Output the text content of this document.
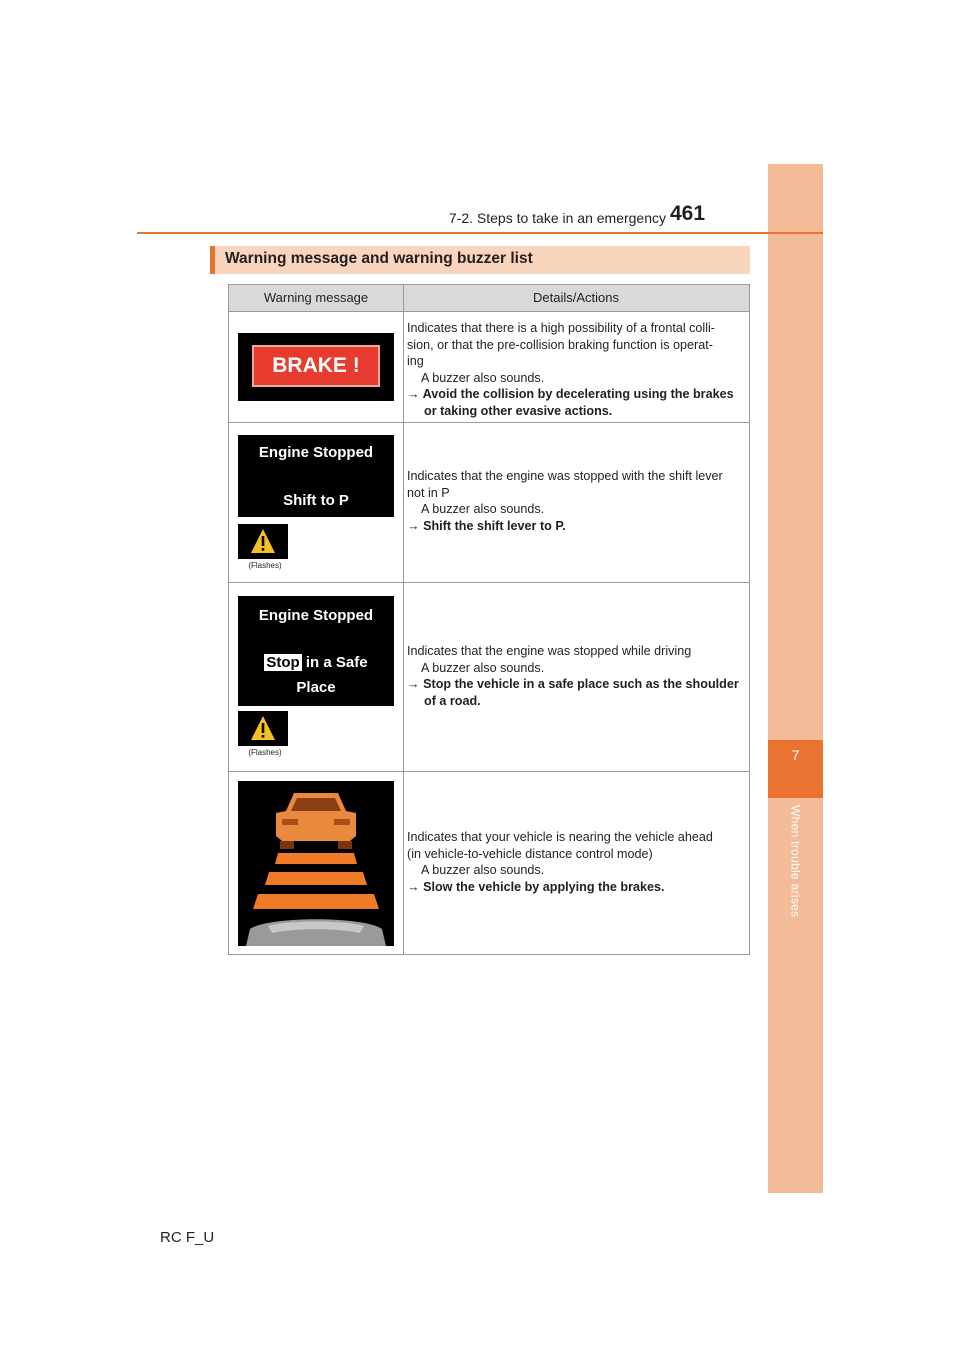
7
When trouble arises
7-2. Steps to take in an emergency 461
Warning message and warning buzzer list
Warning message	Details/Actions
BRAKE !
Indicates that there is a high possibility of a frontal colli-
sion, or that the pre-collision braking function is operat-
ing
A buzzer also sounds.
→ Avoid the collision by decelerating using the brakes or taking other evasive actions.
Engine Stopped
Shift to P
(Flashes)
Indicates that the engine was stopped with the shift lever
not in P
A buzzer also sounds.
→ Shift the shift lever to P.
Engine Stopped
Stop in a Safe
Place
(Flashes)
Indicates that the engine was stopped while driving
A buzzer also sounds.
→ Stop the vehicle in a safe place such as the shoulder of a road.
Indicates that your vehicle is nearing the vehicle ahead
(in vehicle-to-vehicle distance control mode)
A buzzer also sounds.
→ Slow the vehicle by applying the brakes.
RC F_U
